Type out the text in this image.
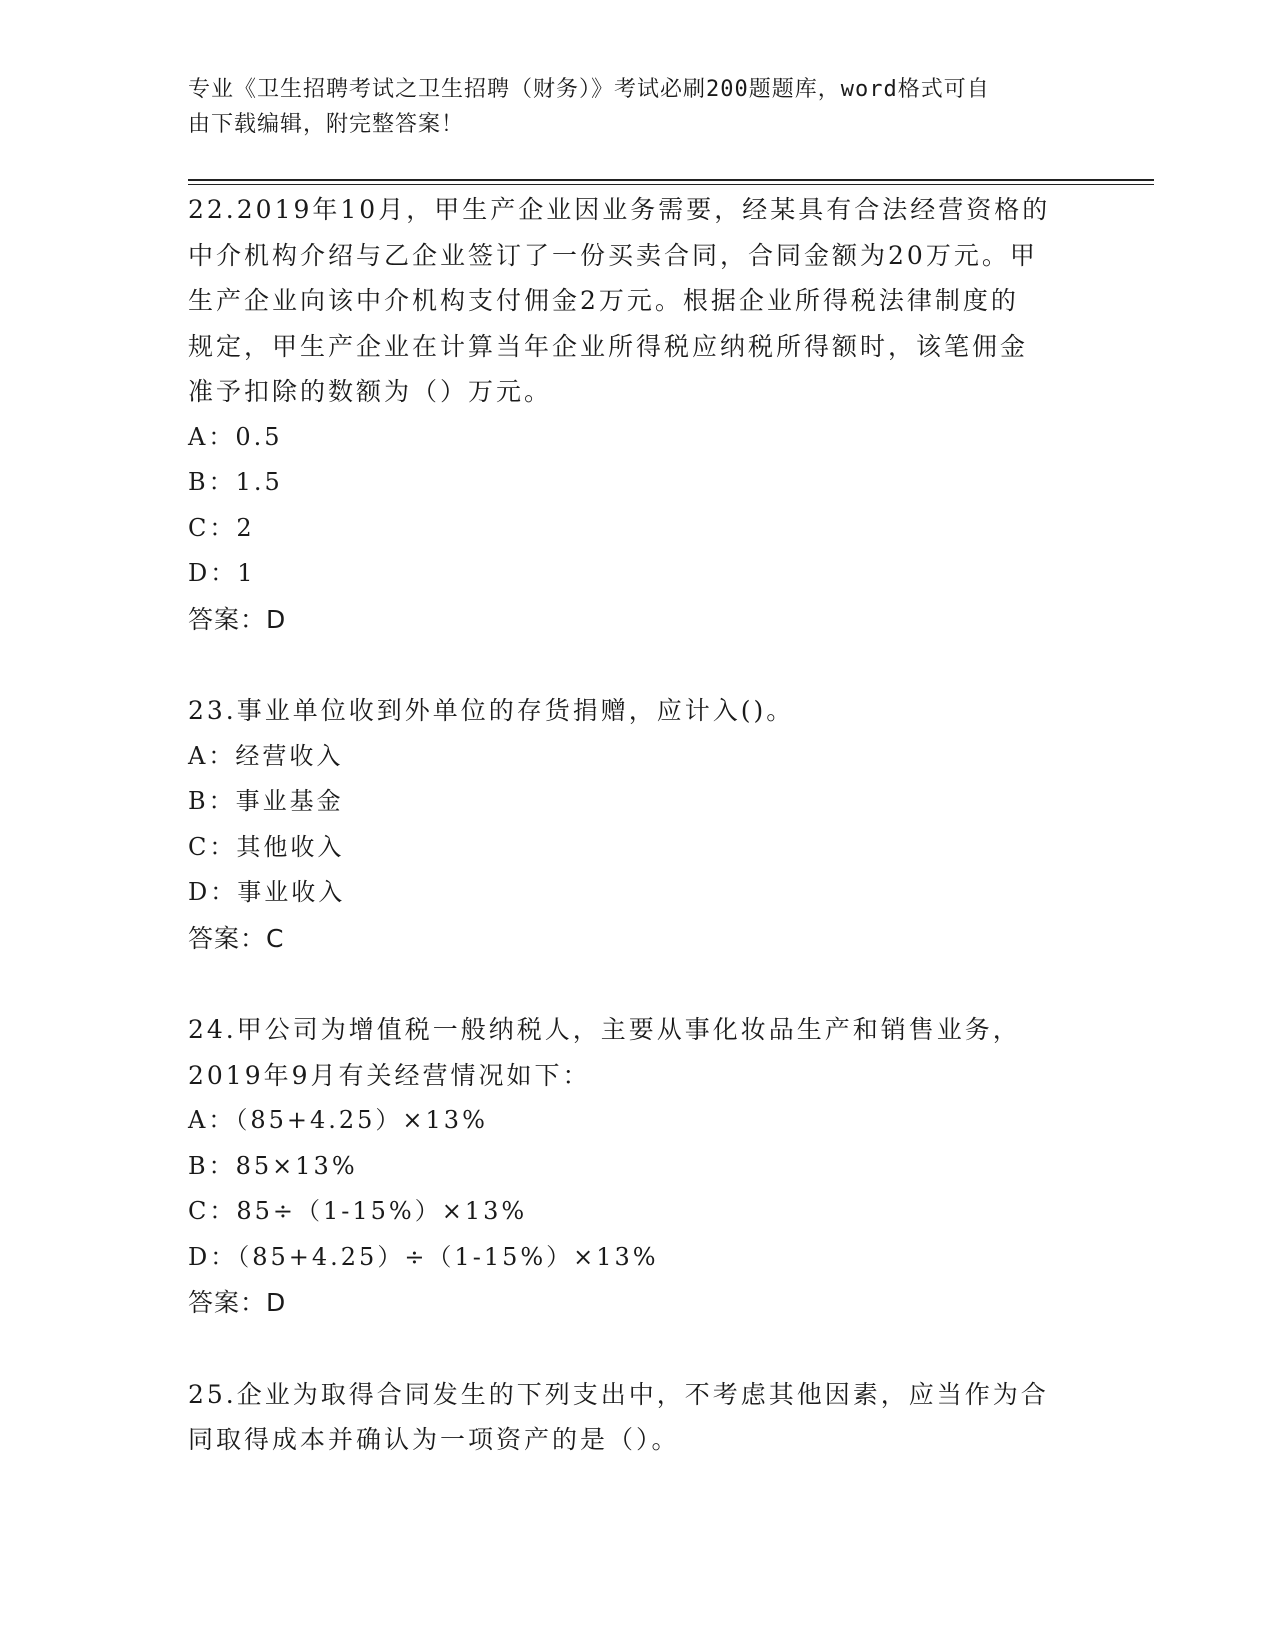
专业《卫生招聘考试之卫生招聘（财务）》考试必刷200题题库，word格式可自
由下载编辑，附完整答案！

22.2019年10月，甲生产企业因业务需要，经某具有合法经营资格的

中介机构介绍与乙企业签订了一份买卖合同，合同金额为20万元。甲

生产企业向该中介机构支付佣金2万元。根据企业所得税法律制度的

规定，甲生产企业在计算当年企业所得税应纳税所得额时，该笔佣金

准予扣除的数额为（）万元。

A：0.5

B：1.5

C：2

D：1

答案：D

23.事业单位收到外单位的存货捐赠，应计入()。

A：经营收入

B：事业基金

C：其他收入

D：事业收入

答案：C

24.甲公司为增值税一般纳税人，主要从事化妆品生产和销售业务，

2019年9月有关经营情况如下：

A：（85+4.25）×13%

B：85×13%

C：85÷（1-15%）×13%

D：（85+4.25）÷（1-15%）×13%

答案：D

25.企业为取得合同发生的下列支出中，不考虑其他因素，应当作为合

同取得成本并确认为一项资产的是（）。
